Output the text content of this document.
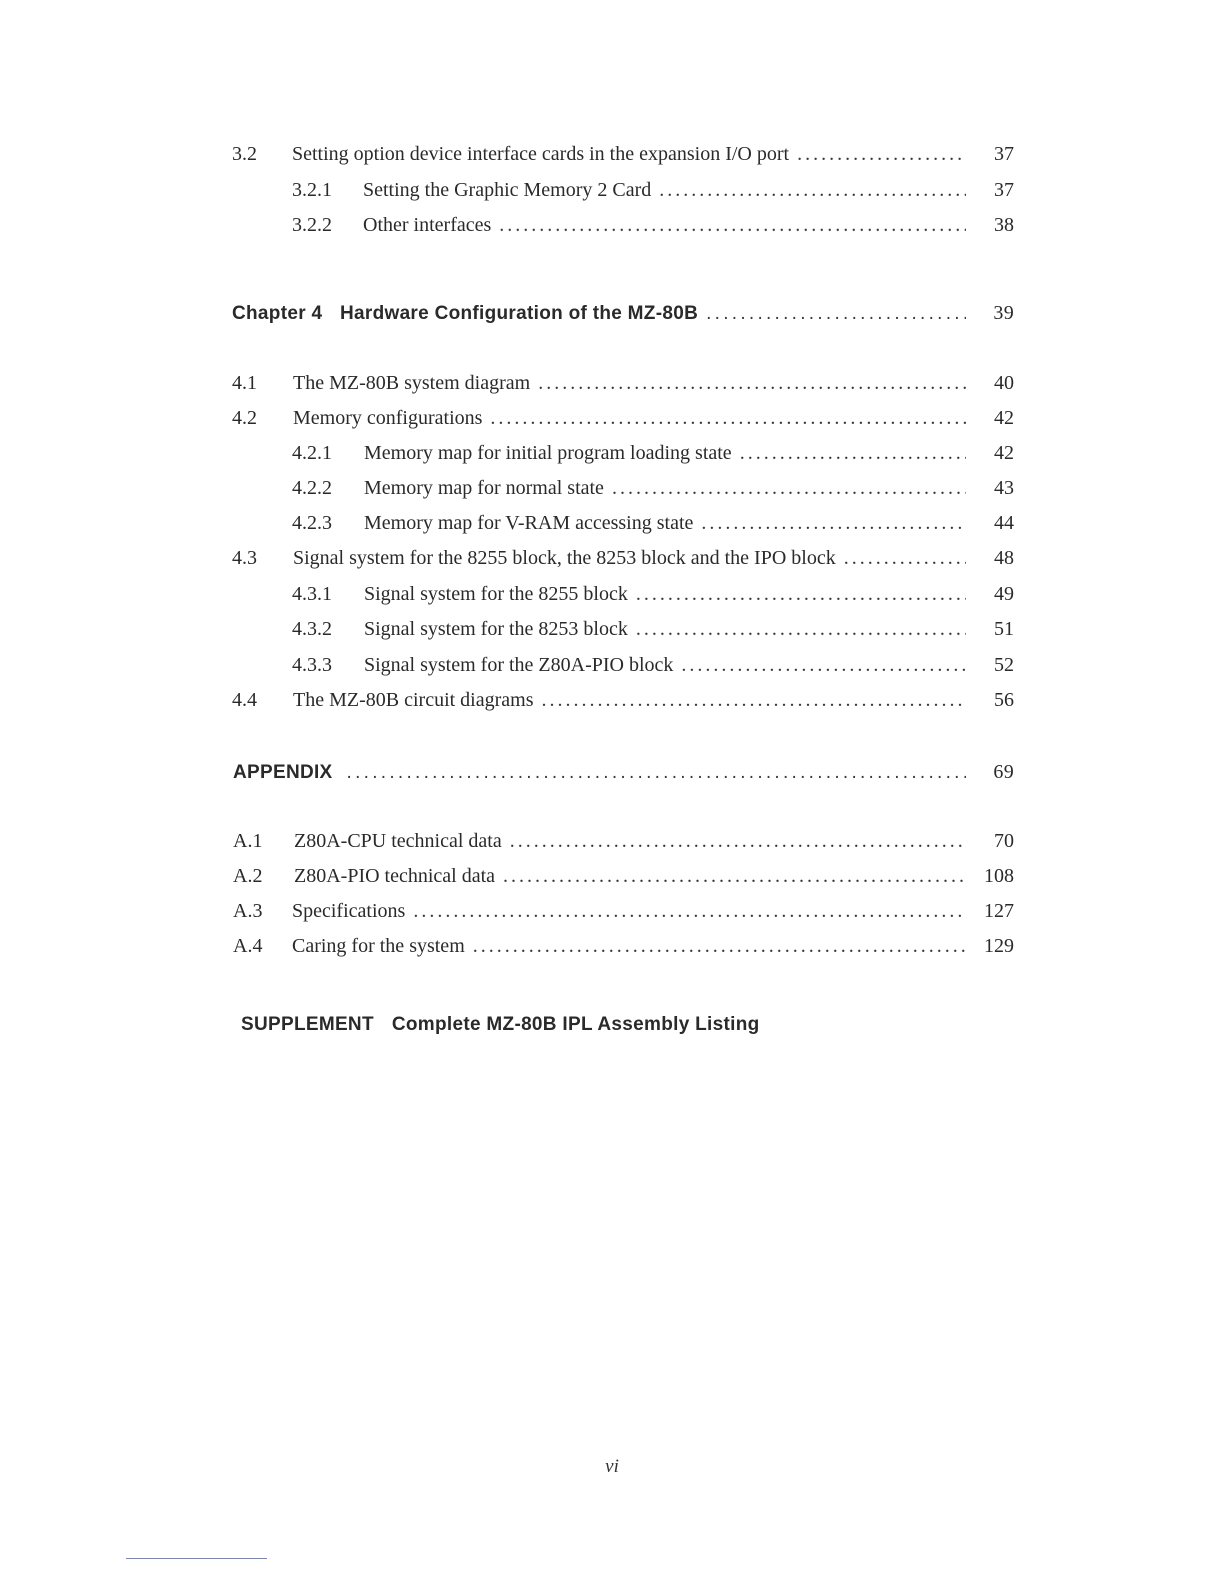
3.2	Setting option device interface cards in the expansion I/O port . . .	37
3.2.1	Setting the Graphic Memory 2 Card . . .	37
3.2.2	Other interfaces . . .	38
Chapter 4 Hardware Configuration of the MZ-80B . . .	39
4.1	The MZ-80B system diagram . . .	40
4.2	Memory configurations . . .	42
4.2.1	Memory map for initial program loading state . . .	42
4.2.2	Memory map for normal state . . .	43
4.2.3	Memory map for V-RAM accessing state . . .	44
4.3	Signal system for the 8255 block, the 8253 block and the IPO block . . .	48
4.3.1	Signal system for the 8255 block . . .	49
4.3.2	Signal system for the 8253 block . . .	51
4.3.3	Signal system for the Z80A-PIO block . . .	52
4.4	The MZ-80B circuit diagrams . . .	56
APPENDIX . . .	69
A.1	Z80A-CPU technical data . . .	70
A.2	Z80A-PIO technical data . . .	108
A.3	Specifications . . .	127
A.4	Caring for the system . . .	129
SUPPLEMENT Complete MZ-80B IPL Assembly Listing
vi
